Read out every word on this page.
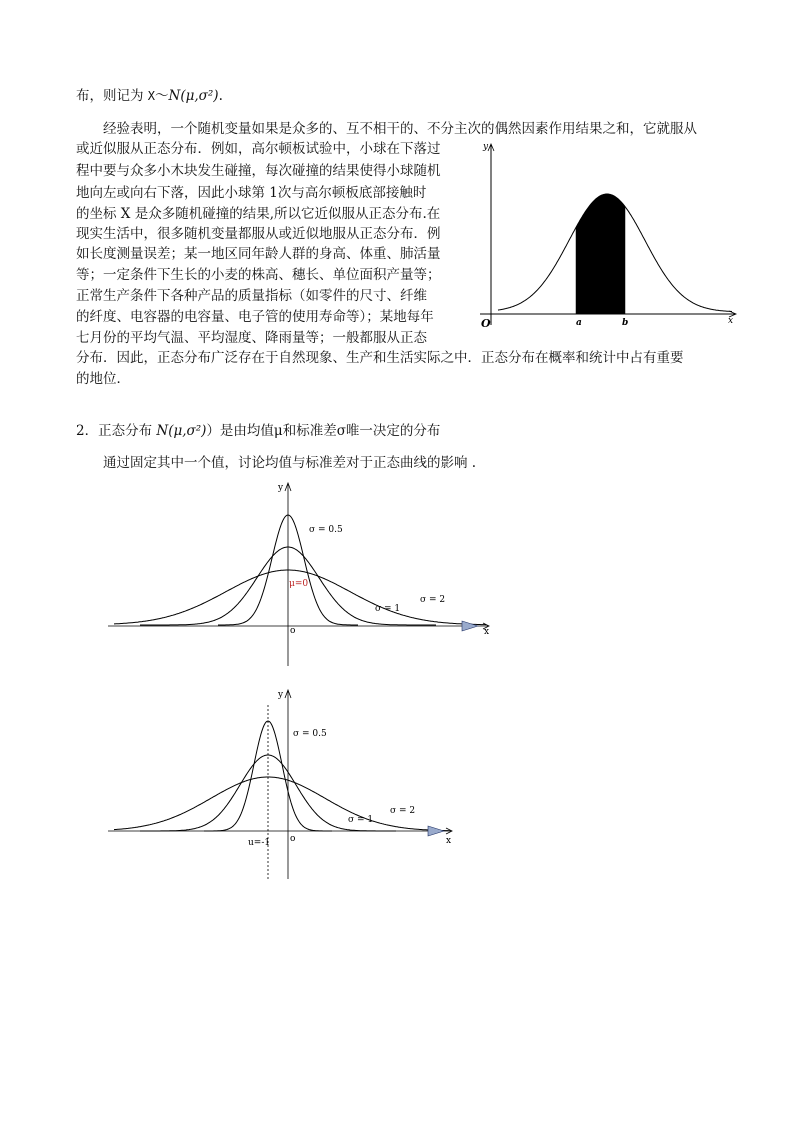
布，则记为 X～N(μ,σ²).
经验表明，一个随机变量如果是众多的、互不相干的、不分主次的偶然因素作用结果之和，它就服从
或近似服从正态分布．例如，高尔顿板试验中，小球在下落过
程中要与众多小木块发生碰撞，每次碰撞的结果使得小球随机
地向左或向右下落，因此小球第 1次与高尔顿板底部接触时
的坐标 X 是众多随机碰撞的结果,所以它近似服从正态分布.在
现实生活中，很多随机变量都服从或近似地服从正态分布．例
如长度测量误差；某一地区同年龄人群的身高、体重、肺活量
等；一定条件下生长的小麦的株高、穗长、单位面积产量等；
正常生产条件下各种产品的质量指标（如零件的尺寸、纤维
的纤度、电容器的电容量、电子管的使用寿命等）；某地每年
七月份的平均气温、平均湿度、降雨量等；一般都服从正态
分布．因此，正态分布广泛存在于自然现象、生产和生活实际之中．正态分布在概率和统计中占有重要
的地位．
y
x
O	a	b
2．正态分布 N(μ,σ²)）是由均值μ和标准差σ唯一决定的分布
通过固定其中一个值，讨论均值与标准差对于正态曲线的影响 .
y
x
o
μ=0
σ = 0.5
σ = 1
σ = 2
y
x
o
u=-1
σ = 0.5
σ = 1
σ = 2
